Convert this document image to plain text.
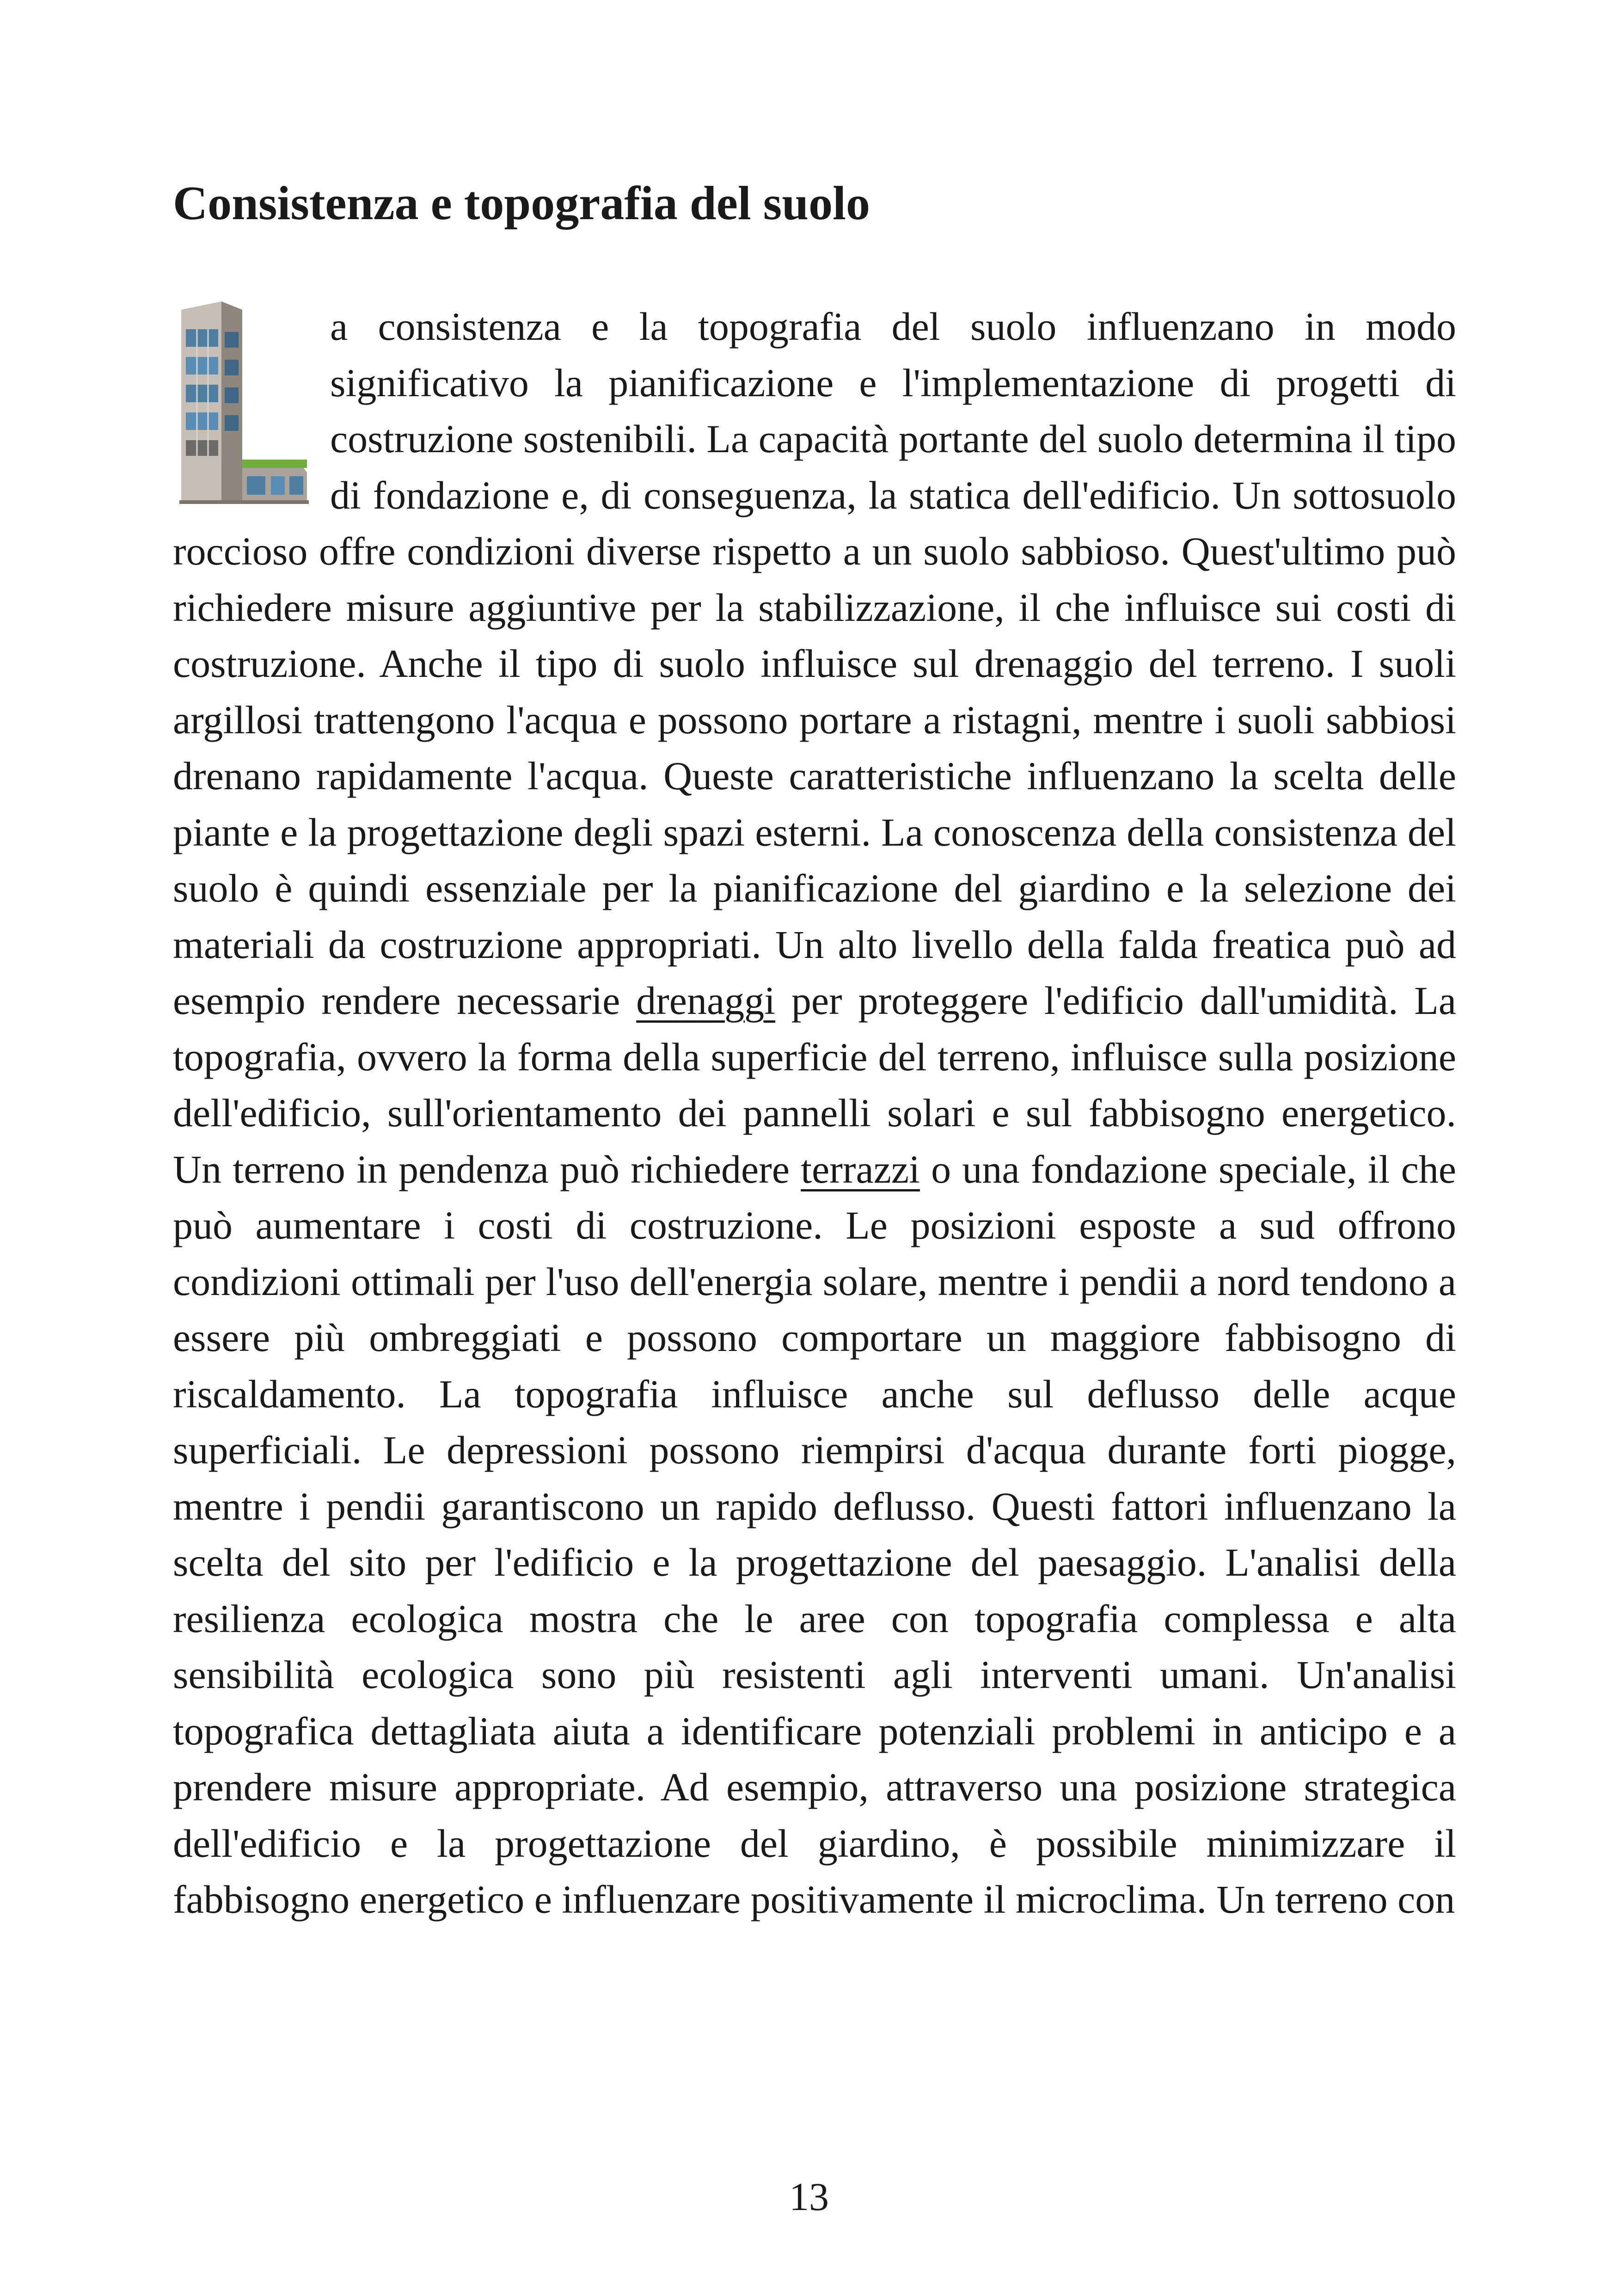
Consistenza e topografia del suolo
a consistenza e la topografia del suolo influenzano in modo significativo la pianificazione e l'implementazione di progetti di costruzione sostenibili. La capacità portante del suolo determina il tipo di fondazione e, di conseguenza, la statica dell'edificio. Un sottosuolo roccioso offre condizioni diverse rispetto a un suolo sabbioso. Quest'ultimo può richiedere misure aggiuntive per la stabilizzazione, il che influisce sui costi di costruzione. Anche il tipo di suolo influisce sul drenaggio del terreno. I suoli argillosi trattengono l'acqua e possono portare a ristagni, mentre i suoli sabbiosi drenano rapidamente l'acqua. Queste caratteristiche influenzano la scelta delle piante e la progettazione degli spazi esterni. La conoscenza della consistenza del suolo è quindi essenziale per la pianificazione del giardino e la selezione dei materiali da costruzione appropriati. Un alto livello della falda freatica può ad esempio rendere necessarie drenaggi per proteggere l'edificio dall'umidità. La topografia, ovvero la forma della superficie del terreno, influisce sulla posizione dell'edificio, sull'orientamento dei pannelli solari e sul fabbisogno energetico. Un terreno in pendenza può richiedere terrazzi o una fondazione speciale, il che può aumentare i costi di costruzione. Le posizioni esposte a sud offrono condizioni ottimali per l'uso dell'energia solare, mentre i pendii a nord tendono a essere più ombreggiati e possono comportare un maggiore fabbisogno di riscaldamento. La topografia influisce anche sul deflusso delle acque superficiali. Le depressioni possono riempirsi d'acqua durante forti piogge, mentre i pendii garantiscono un rapido deflusso. Questi fattori influenzano la scelta del sito per l'edificio e la progettazione del paesaggio. L'analisi della resilienza ecologica mostra che le aree con topografia complessa e alta sensibilità ecologica sono più resistenti agli interventi umani. Un'analisi topografica dettagliata aiuta a identificare potenziali problemi in anticipo e a prendere misure appropriate. Ad esempio, attraverso una posizione strategica dell'edificio e la progettazione del giardino, è possibile minimizzare il fabbisogno energetico e influenzare positivamente il microclima. Un terreno con
13
